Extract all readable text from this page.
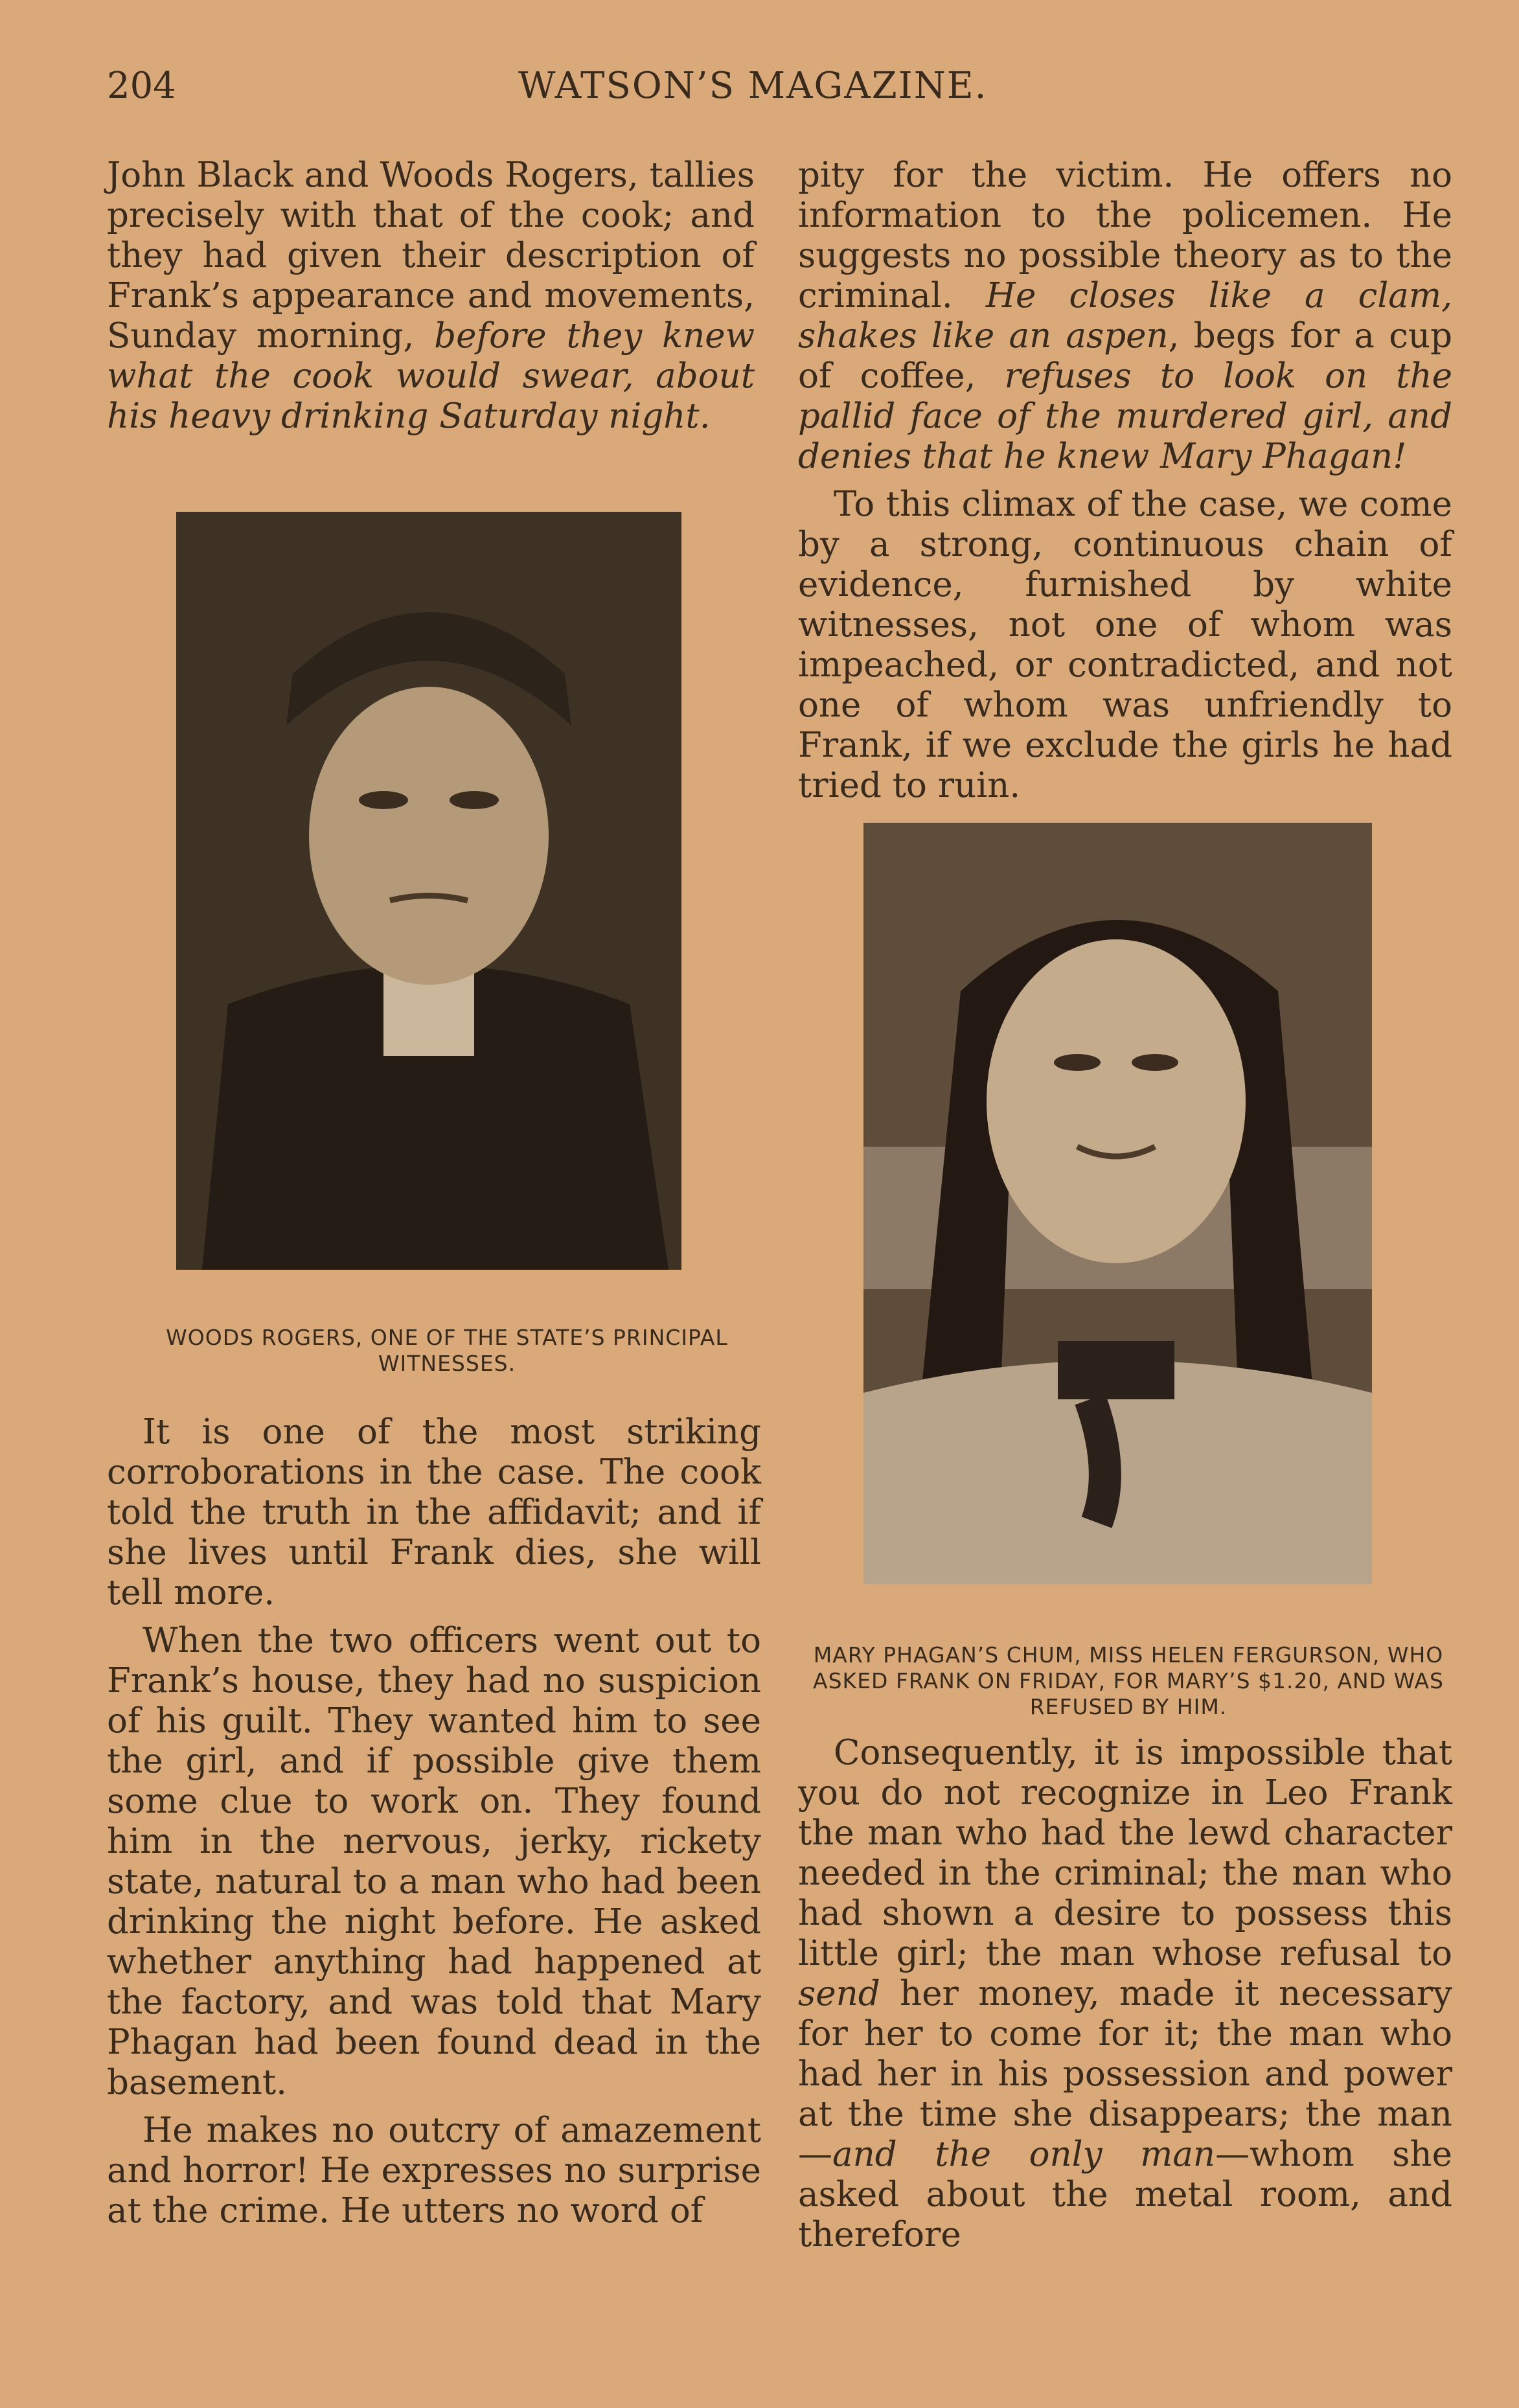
204	WATSON’S MAGAZINE.

John Black and Woods Rogers, tallies precisely with that of the cook; and they had given their description of Frank’s appearance and movements, Sunday morning, before they knew what the cook would swear, about his heavy drinking Saturday night.

pity for the victim. He offers no information to the policemen. He suggests no possible theory as to the criminal. He closes like a clam, shakes like an aspen, begs for a cup of coffee, refuses to look on the pallid face of the murdered girl, and denies that he knew Mary Phagan!

To this climax of the case, we come by a strong, continuous chain of evidence, furnished by white witnesses, not one of whom was impeached, or contradicted, and not one of whom was unfriendly to Frank, if we exclude the girls he had tried to ruin.

WOODS ROGERS, ONE OF THE STATE’S PRINCIPAL WITNESSES.
MARY PHAGAN’S CHUM, MISS HELEN FERGURSON, WHO ASKED FRANK ON FRIDAY, FOR MARY’S $1.20, AND WAS REFUSED BY HIM.

It is one of the most striking corroborations in the case. The cook told the truth in the affidavit; and if she lives until Frank dies, she will tell more.

When the two officers went out to Frank’s house, they had no suspicion of his guilt. They wanted him to see the girl, and if possible give them some clue to work on. They found him in the nervous, jerky, rickety state, natural to a man who had been drinking the night before. He asked whether anything had happened at the factory, and was told that Mary Phagan had been found dead in the basement.

He makes no outcry of amazement and horror! He expresses no surprise at the crime. He utters no word of

Consequently, it is impossible that you do not recognize in Leo Frank the man who had the lewd character needed in the criminal; the man who had shown a desire to possess this little girl; the man whose refusal to send her money, made it necessary for her to come for it; the man who had her in his possession and power at the time she disappears; the man—and the only man—whom she asked about the metal room, and therefore
